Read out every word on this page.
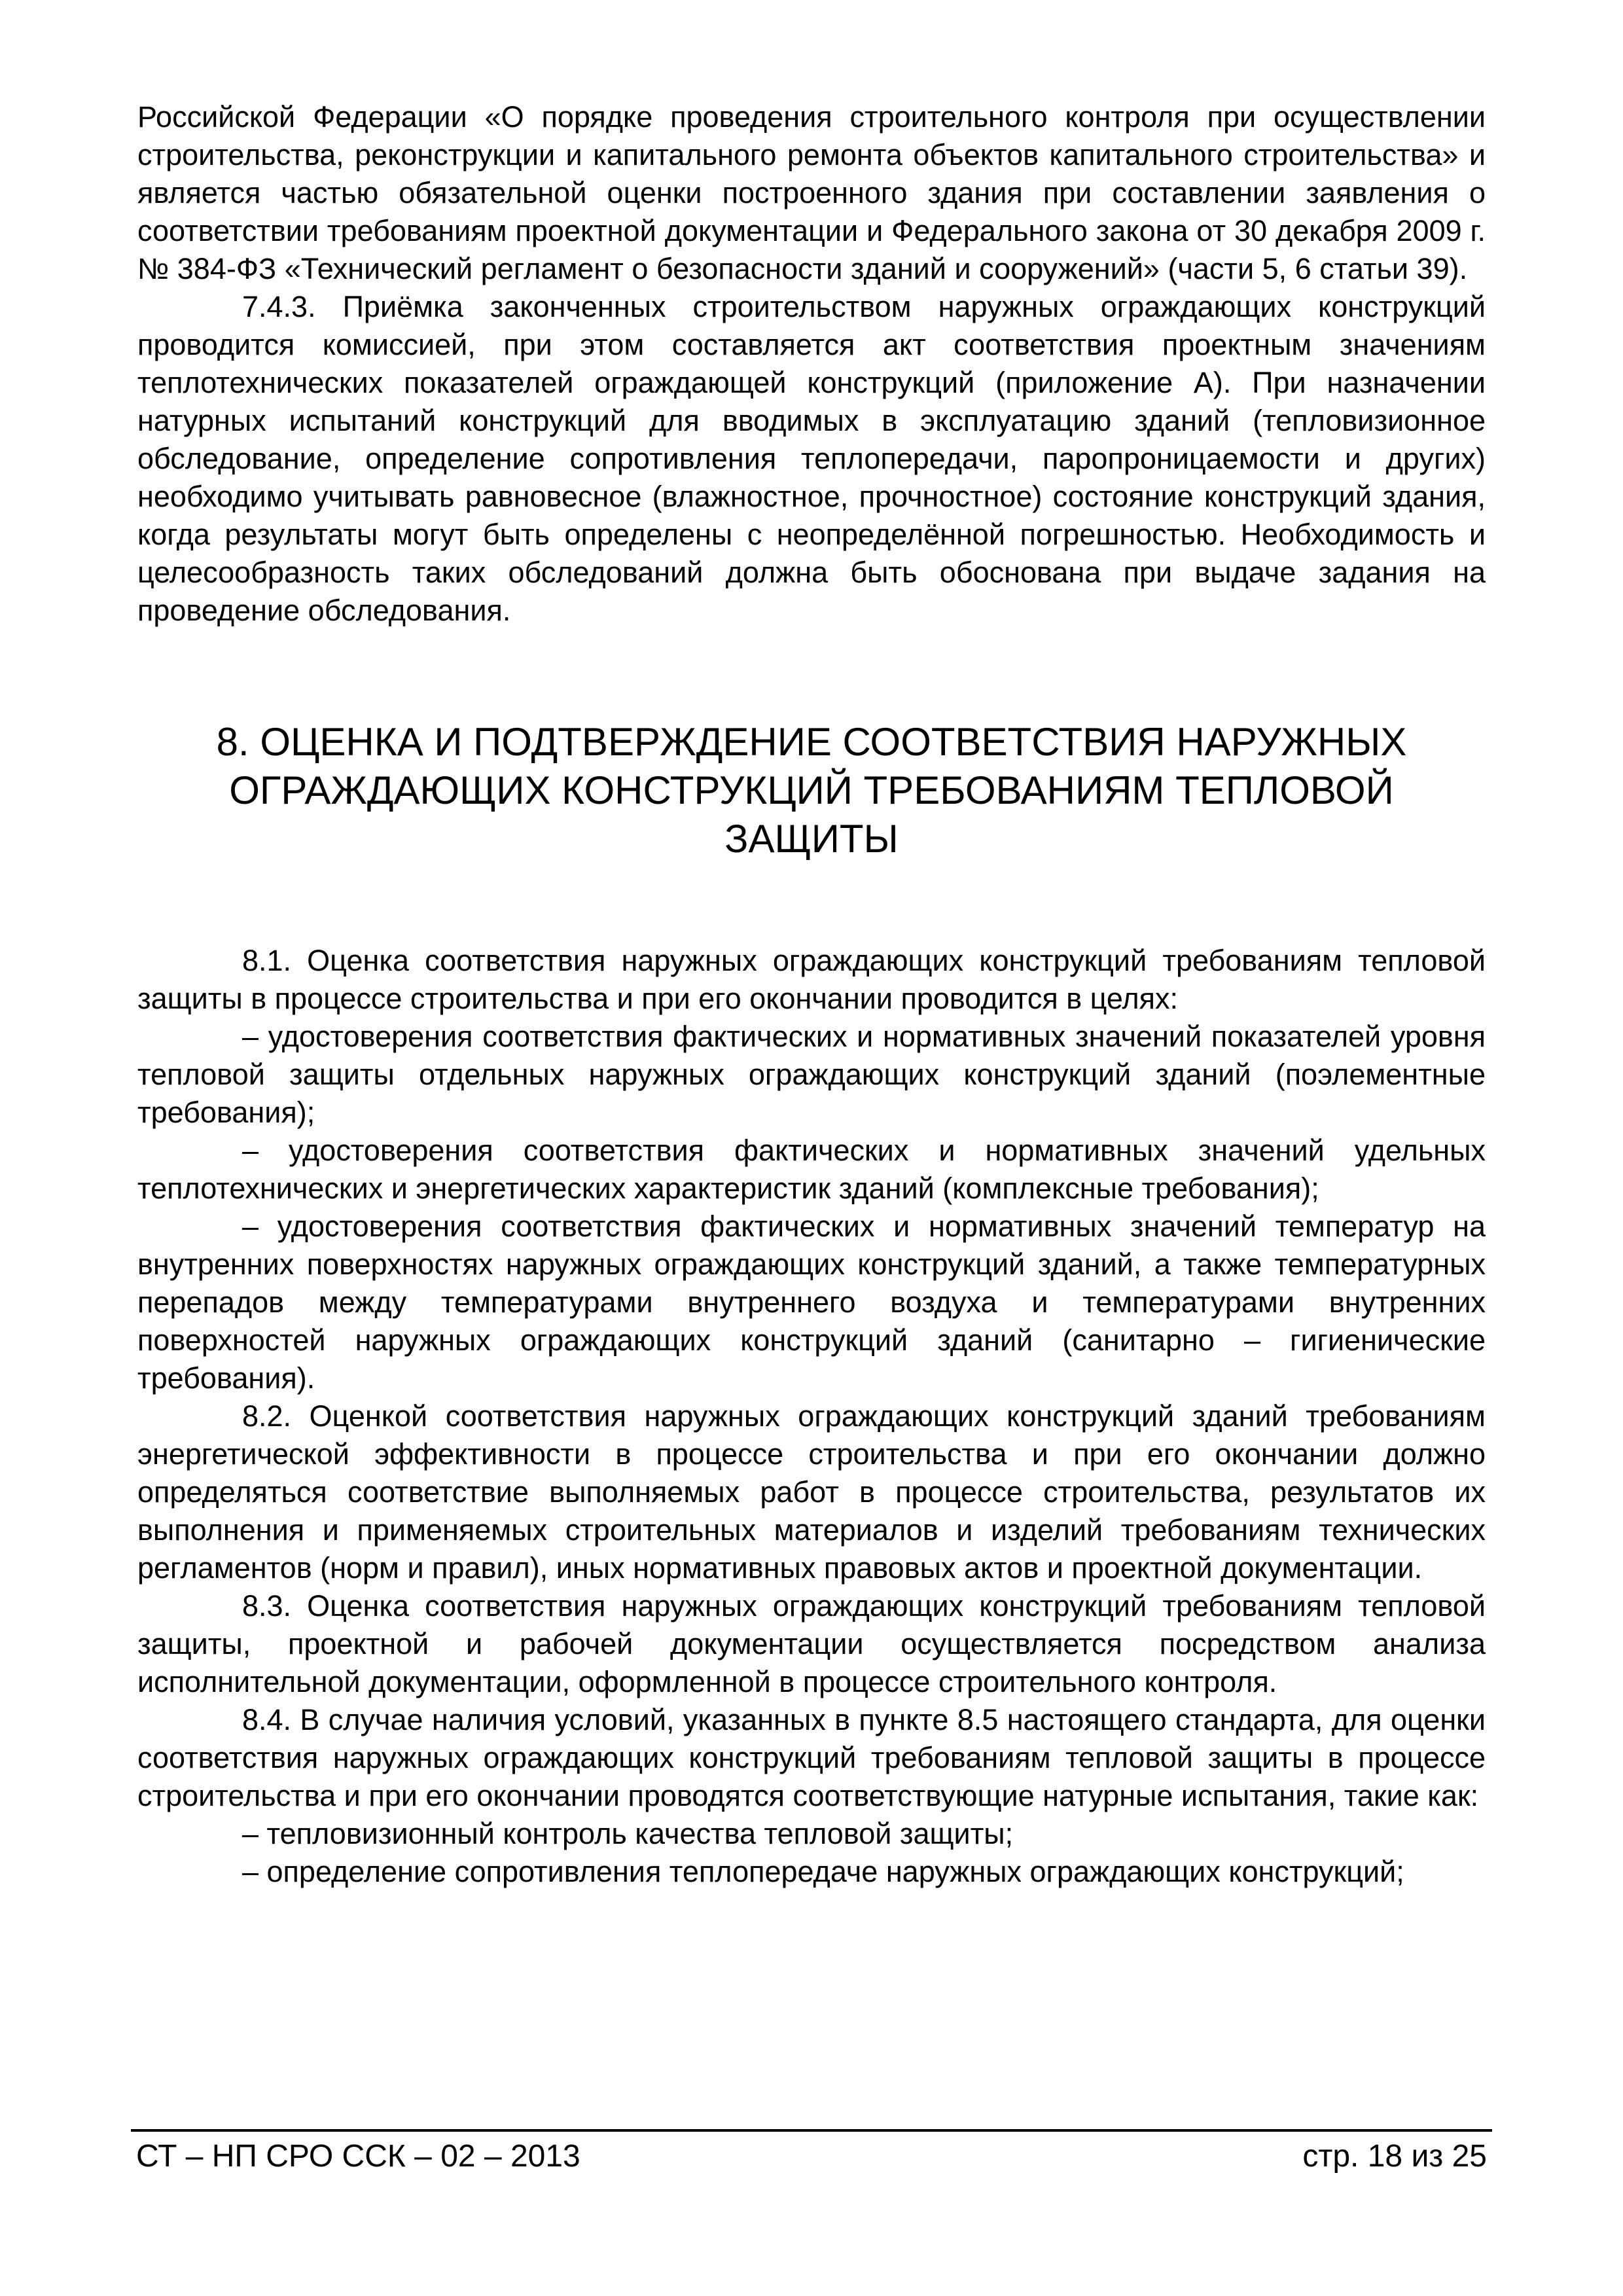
Российской Федерации «О порядке проведения строительного контроля при осуществлении строительства, реконструкции и капитального ремонта объектов капитального строительства» и является частью обязательной оценки построенного здания при составлении заявления о соответствии требованиям проектной документации и Федерального закона от 30 декабря 2009 г. № 384-ФЗ «Технический регламент о безопасности зданий и сооружений» (части 5, 6 статьи 39).

7.4.3. Приёмка законченных строительством наружных ограждающих конструкций проводится комиссией, при этом составляется акт соответствия проектным значениям теплотехнических показателей ограждающей конструкций (приложение А). При назначении натурных испытаний конструкций для вводимых в эксплуатацию зданий (тепловизионное обследование, определение сопротивления теплопередачи, паропроницаемости и других) необходимо учитывать равновесное (влажностное, прочностное) состояние конструкций здания, когда результаты могут быть определены с неопределённой погрешностью. Необходимость и целесообразность таких обследований должна быть обоснована при выдаче задания на проведение обследования.

8. ОЦЕНКА И ПОДТВЕРЖДЕНИЕ СООТВЕТСТВИЯ НАРУЖНЫХ ОГРАЖДАЮЩИХ КОНСТРУКЦИЙ ТРЕБОВАНИЯМ ТЕПЛОВОЙ ЗАЩИТЫ

8.1. Оценка соответствия наружных ограждающих конструкций требованиям тепловой защиты в процессе строительства и при его окончании проводится в целях:

– удостоверения соответствия фактических и нормативных значений показателей уровня тепловой защиты отдельных наружных ограждающих конструкций зданий (поэлементные требования);

– удостоверения соответствия фактических и нормативных значений удельных теплотехнических и энергетических характеристик зданий (комплексные требования);

– удостоверения соответствия фактических и нормативных значений температур на внутренних поверхностях наружных ограждающих конструкций зданий, а также температурных перепадов между температурами внутреннего воздуха и температурами внутренних поверхностей наружных ограждающих конструкций зданий (санитарно – гигиенические требования).

8.2. Оценкой соответствия наружных ограждающих конструкций зданий требованиям энергетической эффективности в процессе строительства и при его окончании должно определяться соответствие выполняемых работ в процессе строительства, результатов их выполнения и применяемых строительных материалов и изделий требованиям технических регламентов (норм и правил), иных нормативных правовых актов и проектной документации.

8.3. Оценка соответствия наружных ограждающих конструкций требованиям тепловой защиты, проектной и рабочей документации осуществляется посредством анализа исполнительной документации, оформленной в процессе строительного контроля.

8.4. В случае наличия условий, указанных в пункте 8.5 настоящего стандарта, для оценки соответствия наружных ограждающих конструкций требованиям тепловой защиты в процессе строительства и при его окончании проводятся соответствующие натурные испытания, такие как:

– тепловизионный контроль качества тепловой защиты;

– определение сопротивления теплопередаче наружных ограждающих конструкций;

СТ – НП СРО ССК – 02 – 2013	стр. 18 из 25
